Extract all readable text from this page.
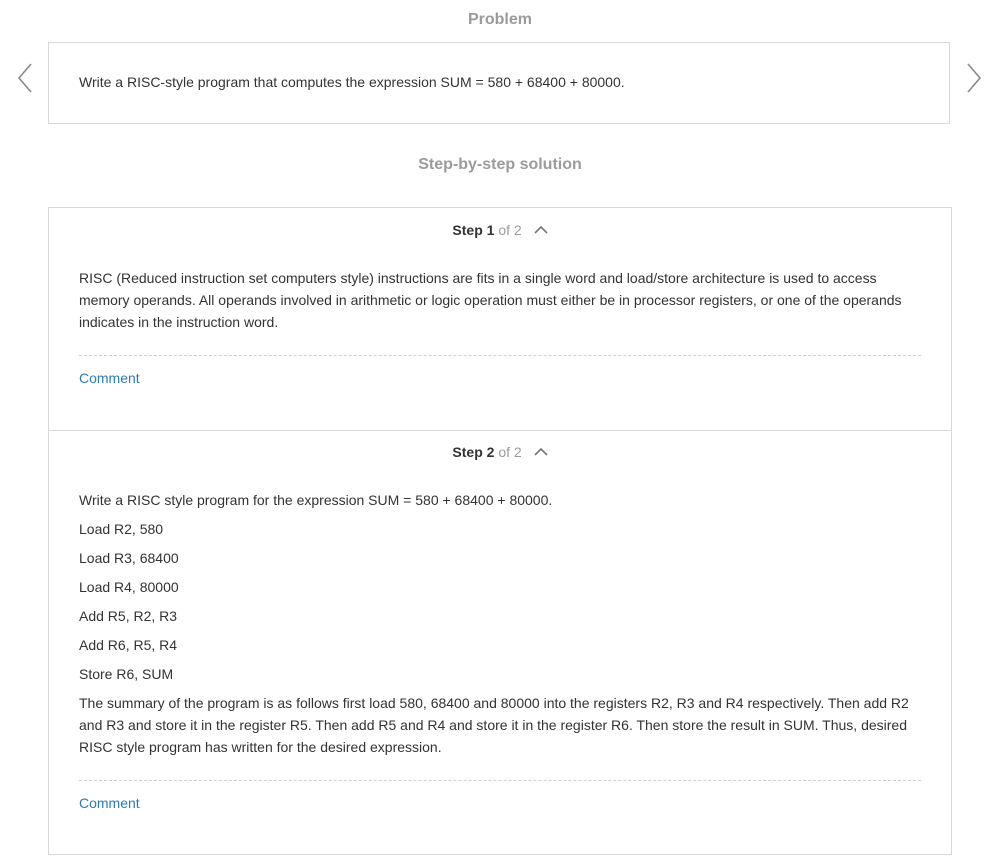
Problem
Write a RISC-style program that computes the expression SUM = 580 + 68400 + 80000.
Step-by-step solution
Step 1 of 2

RISC (Reduced instruction set computers style) instructions are fits in a single word and load/store architecture is used to access memory operands. All operands involved in arithmetic or logic operation must either be in processor registers, or one of the operands indicates in the instruction word.

Comment
Step 2 of 2

Write a RISC style program for the expression SUM = 580 + 68400 + 80000.

Load R2, 580

Load R3, 68400

Load R4, 80000

Add R5, R2, R3

Add R6, R5, R4

Store R6, SUM

The summary of the program is as follows first load 580, 68400 and 80000 into the registers R2, R3 and R4 respectively. Then add R2 and R3 and store it in the register R5. Then add R5 and R4 and store it in the register R6. Then store the result in SUM. Thus, desired RISC style program has written for the desired expression.

Comment
